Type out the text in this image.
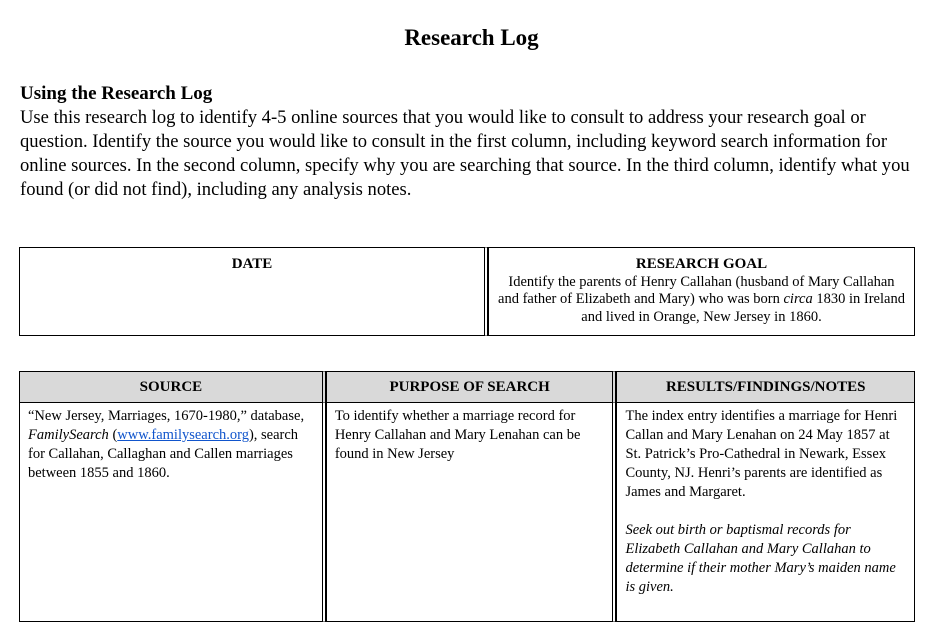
Research Log
Using the Research Log
Use this research log to identify 4-5 online sources that you would like to consult to address your research goal or question. Identify the source you would like to consult in the first column, including keyword search information for online sources. In the second column, specify why you are searching that source. In the third column, identify what you found (or did not find), including any analysis notes.
DATE	RESEARCH GOAL
Identify the parents of Henry Callahan (husband of Mary Callahan and father of Elizabeth and Mary) who was born circa 1830 in Ireland and lived in Orange, New Jersey in 1860.
SOURCE	PURPOSE OF SEARCH	RESULTS/FINDINGS/NOTES
“New Jersey, Marriages, 1670-1980,” database, FamilySearch (www.familysearch.org), search for Callahan, Callaghan and Callen marriages between 1855 and 1860.	To identify whether a marriage record for Henry Callahan and Mary Lenahan can be found in New Jersey	The index entry identifies a marriage for Henri Callan and Mary Lenahan on 24 May 1857 at St. Patrick’s Pro-Cathedral in Newark, Essex County, NJ. Henri’s parents are identified as James and Margaret.
Seek out birth or baptismal records for Elizabeth Callahan and Mary Callahan to determine if their mother Mary’s maiden name is given.
